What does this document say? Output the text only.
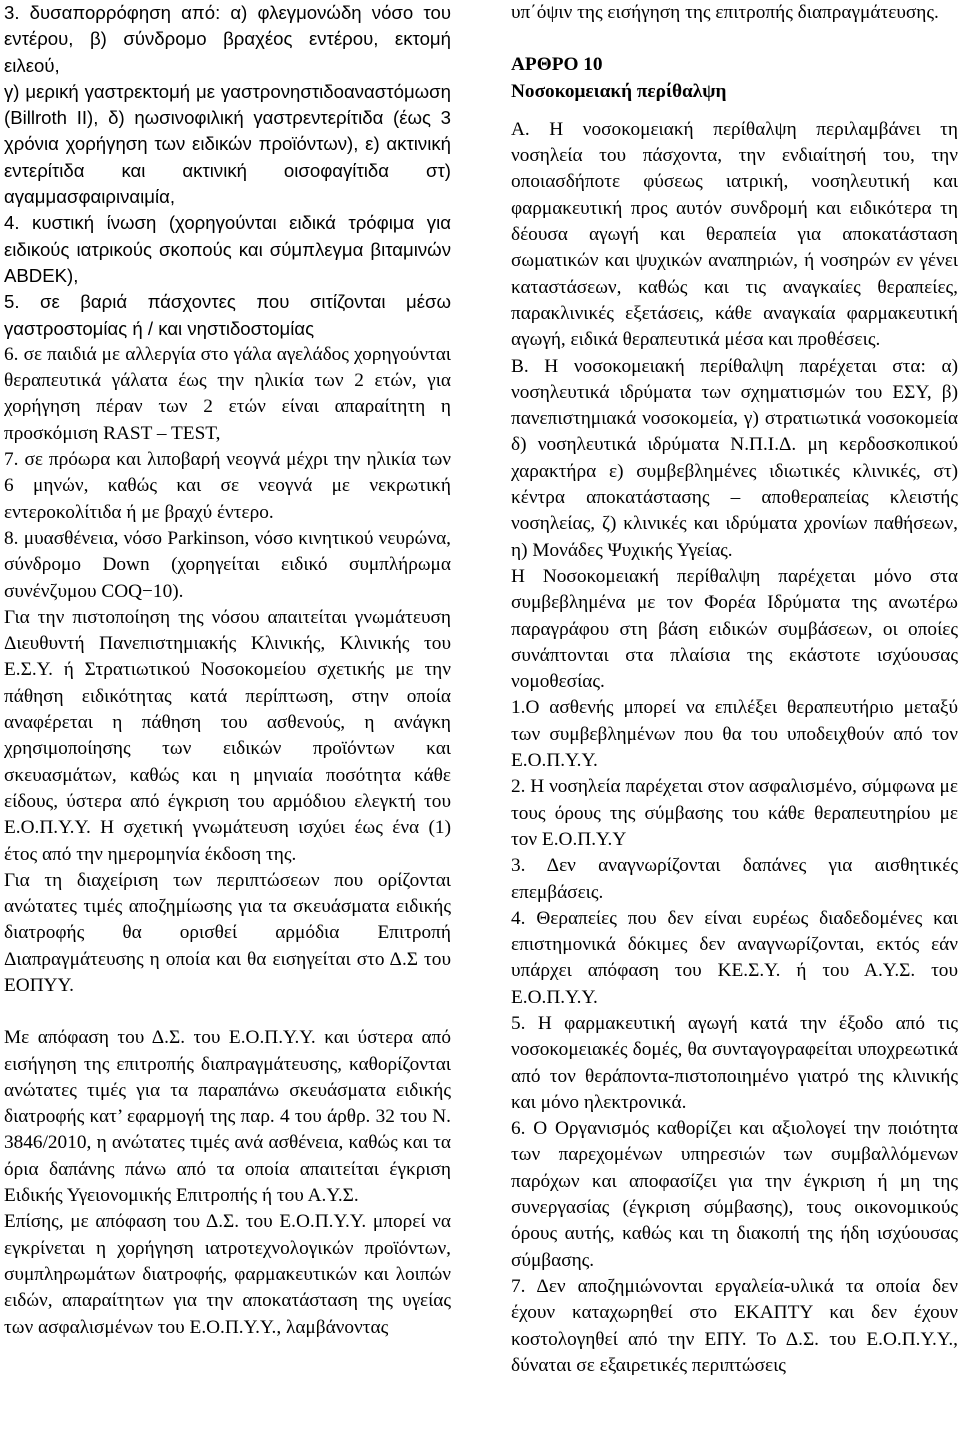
3. δυσαπορρόφηση από: α) φλεγμονώδη νόσο του εντέρου, β) σύνδρομο βραχέος εντέρου, εκτομή ειλεού,

γ) μερική γαστρεκτομή με γαστρονηστιδοαναστόμωση (Billroth II), δ) ηωσινοφιλική γαστρεντερίτιδα (έως 3 χρόνια χορήγηση των ειδικών προϊόντων), ε) ακτινική εντερίτιδα και ακτινική οισοφαγίτιδα στ) αγαμμασφαιριναιμία,

4. κυστική ίνωση (χορηγούνται ειδικά τρόφιμα για ειδικούς ιατρικούς σκοπούς και σύμπλεγμα βιταμινών ABDEK),

5. σε βαριά πάσχοντες που σιτίζονται μέσω γαστροστομίας ή / και νηστιδοστομίας

6. σε παιδιά με αλλεργία στο γάλα αγελάδος χορηγούνται θεραπευτικά γάλατα έως την ηλικία των 2 ετών, για χορήγηση πέραν των 2 ετών είναι απαραίτητη η προσκόμιση RAST – TEST,

7. σε πρόωρα και λιποβαρή νεογνά μέχρι την ηλικία των 6 μηνών, καθώς και σε νεογνά με νεκρωτική εντεροκολίτιδα ή με βραχύ έντερο.

8. μυασθένεια, νόσο Parkinson, νόσο κινητικού νευρώνα, σύνδρομο Down (χορηγείται ειδικό συμπλήρωμα συνένζυμου COQ−10).

Για την πιστοποίηση της νόσου απαιτείται γνωμάτευση Διευθυντή Πανεπιστημιακής Κλινικής, Κλινικής του Ε.Σ.Υ. ή Στρατιωτικού Νοσοκομείου σχετικής με την πάθηση ειδικότητας κατά περίπτωση, στην οποία αναφέρεται η πάθηση του ασθενούς, η ανάγκη χρησιμοποίησης των ειδικών προϊόντων και σκευασμάτων, καθώς και η μηνιαία ποσότητα κάθε είδους, ύστερα από έγκριση του αρμόδιου ελεγκτή του Ε.Ο.Π.Υ.Υ. Η σχετική γνωμάτευση ισχύει έως ένα (1) έτος από την ημερομηνία έκδοση της.

Για τη διαχείριση των περιπτώσεων που ορίζονται ανώτατες τιμές αποζημίωσης για τα σκευάσματα ειδικής διατροφής θα ορισθεί αρμόδια Επιτροπή Διαπραγμάτευσης η οποία και θα εισηγείται στο Δ.Σ του ΕΟΠΥΥ.

Με απόφαση του Δ.Σ. του Ε.Ο.Π.Υ.Υ. και ύστερα από εισήγηση της επιτροπής διαπραγμάτευσης, καθορίζονται ανώτατες τιμές για τα παραπάνω σκευάσματα ειδικής διατροφής κατ’ εφαρμογή της παρ. 4 του άρθρ. 32 του Ν. 3846/2010, η ανώτατες τιμές ανά ασθένεια, καθώς και τα όρια δαπάνης πάνω από τα οποία απαιτείται έγκριση Ειδικής Υγειονομικής Επιτροπής ή του Α.Υ.Σ.

Επίσης, με απόφαση του Δ.Σ. του Ε.Ο.Π.Υ.Υ. μπορεί να εγκρίνεται η χορήγηση ιατροτεχνολογικών προϊόντων, συμπληρωμάτων διατροφής, φαρμακευτικών και λοιπών ειδών, απαραίτητων για την αποκατάσταση της υγείας των ασφαλισμένων του Ε.Ο.Π.Υ.Υ., λαμβάνοντας

υπ΄όψιν της εισήγηση της επιτροπής διαπραγμάτευσης.

ΑΡΘΡΟ 10

Νοσοκομειακή περίθαλψη

Α. Η νοσοκομειακή περίθαλψη περιλαμβάνει τη νοσηλεία του πάσχοντα, την ενδιαίτησή του, την οποιασδήποτε φύσεως ιατρική, νοσηλευτική και φαρμακευτική προς αυτόν συνδρομή και ειδικότερα τη δέουσα αγωγή και θεραπεία για αποκατάσταση σωματικών και ψυχικών αναπηριών, ή νοσηρών εν γένει καταστάσεων, καθώς και τις αναγκαίες θεραπείες, παρακλινικές εξετάσεις, κάθε αναγκαία φαρμακευτική αγωγή, ειδικά θεραπευτικά μέσα και προθέσεις.

Β. Η νοσοκομειακή περίθαλψη παρέχεται στα: α) νοσηλευτικά ιδρύματα των σχηματισμών του ΕΣΥ, β) πανεπιστημιακά νοσοκομεία, γ) στρατιωτικά νοσοκομεία δ) νοσηλευτικά ιδρύματα Ν.Π.Ι.Δ. μη κερδοσκοπικού χαρακτήρα ε) συμβεβλημένες ιδιωτικές κλινικές, στ) κέντρα αποκατάστασης – αποθεραπείας κλειστής νοσηλείας, ζ) κλινικές και ιδρύματα χρονίων παθήσεων, η) Μονάδες Ψυχικής Υγείας.

Η Νοσοκομειακή περίθαλψη παρέχεται μόνο στα συμβεβλημένα με τον Φορέα Ιδρύματα της ανωτέρω παραγράφου στη βάση ειδικών συμβάσεων, οι οποίες συνάπτονται στα πλαίσια της εκάστοτε ισχύουσας νομοθεσίας.

1.Ο ασθενής μπορεί να επιλέξει θεραπευτήριο μεταξύ των συμβεβλημένων που θα του υποδειχθούν από τον Ε.Ο.Π.Υ.Υ.

2. Η νοσηλεία παρέχεται στον ασφαλισμένο, σύμφωνα με τους όρους της σύμβασης του κάθε θεραπευτηρίου με τον Ε.Ο.Π.Υ.Υ

3. Δεν αναγνωρίζονται δαπάνες για αισθητικές επεμβάσεις.

4. Θεραπείες που δεν είναι ευρέως διαδεδομένες και επιστημονικά δόκιμες δεν αναγνωρίζονται, εκτός εάν υπάρχει απόφαση του ΚΕ.Σ.Υ. ή του Α.Υ.Σ. του Ε.Ο.Π.Υ.Υ.

5. Η φαρμακευτική αγωγή κατά την έξοδο από τις νοσοκομειακές δομές, θα συνταγογραφείται υποχρεωτικά από τον θεράποντα-πιστοποιημένο γιατρό της κλινικής και μόνο ηλεκτρονικά.

6. Ο Οργανισμός καθορίζει και αξιολογεί την ποιότητα των παρεχομένων υπηρεσιών των συμβαλλόμενων παρόχων και αποφασίζει για την έγκριση ή μη της συνεργασίας (έγκριση σύμβασης), τους οικονομικούς όρους αυτής, καθώς και τη διακοπή της ήδη ισχύουσας σύμβασης.

7. Δεν αποζημιώνονται εργαλεία-υλικά τα οποία δεν έχουν καταχωρηθεί στο ΕΚΑΠΤΥ και δεν έχουν κοστολογηθεί από την ΕΠΥ. Το Δ.Σ. του Ε.Ο.Π.Υ.Υ., δύναται σε εξαιρετικές περιπτώσεις
